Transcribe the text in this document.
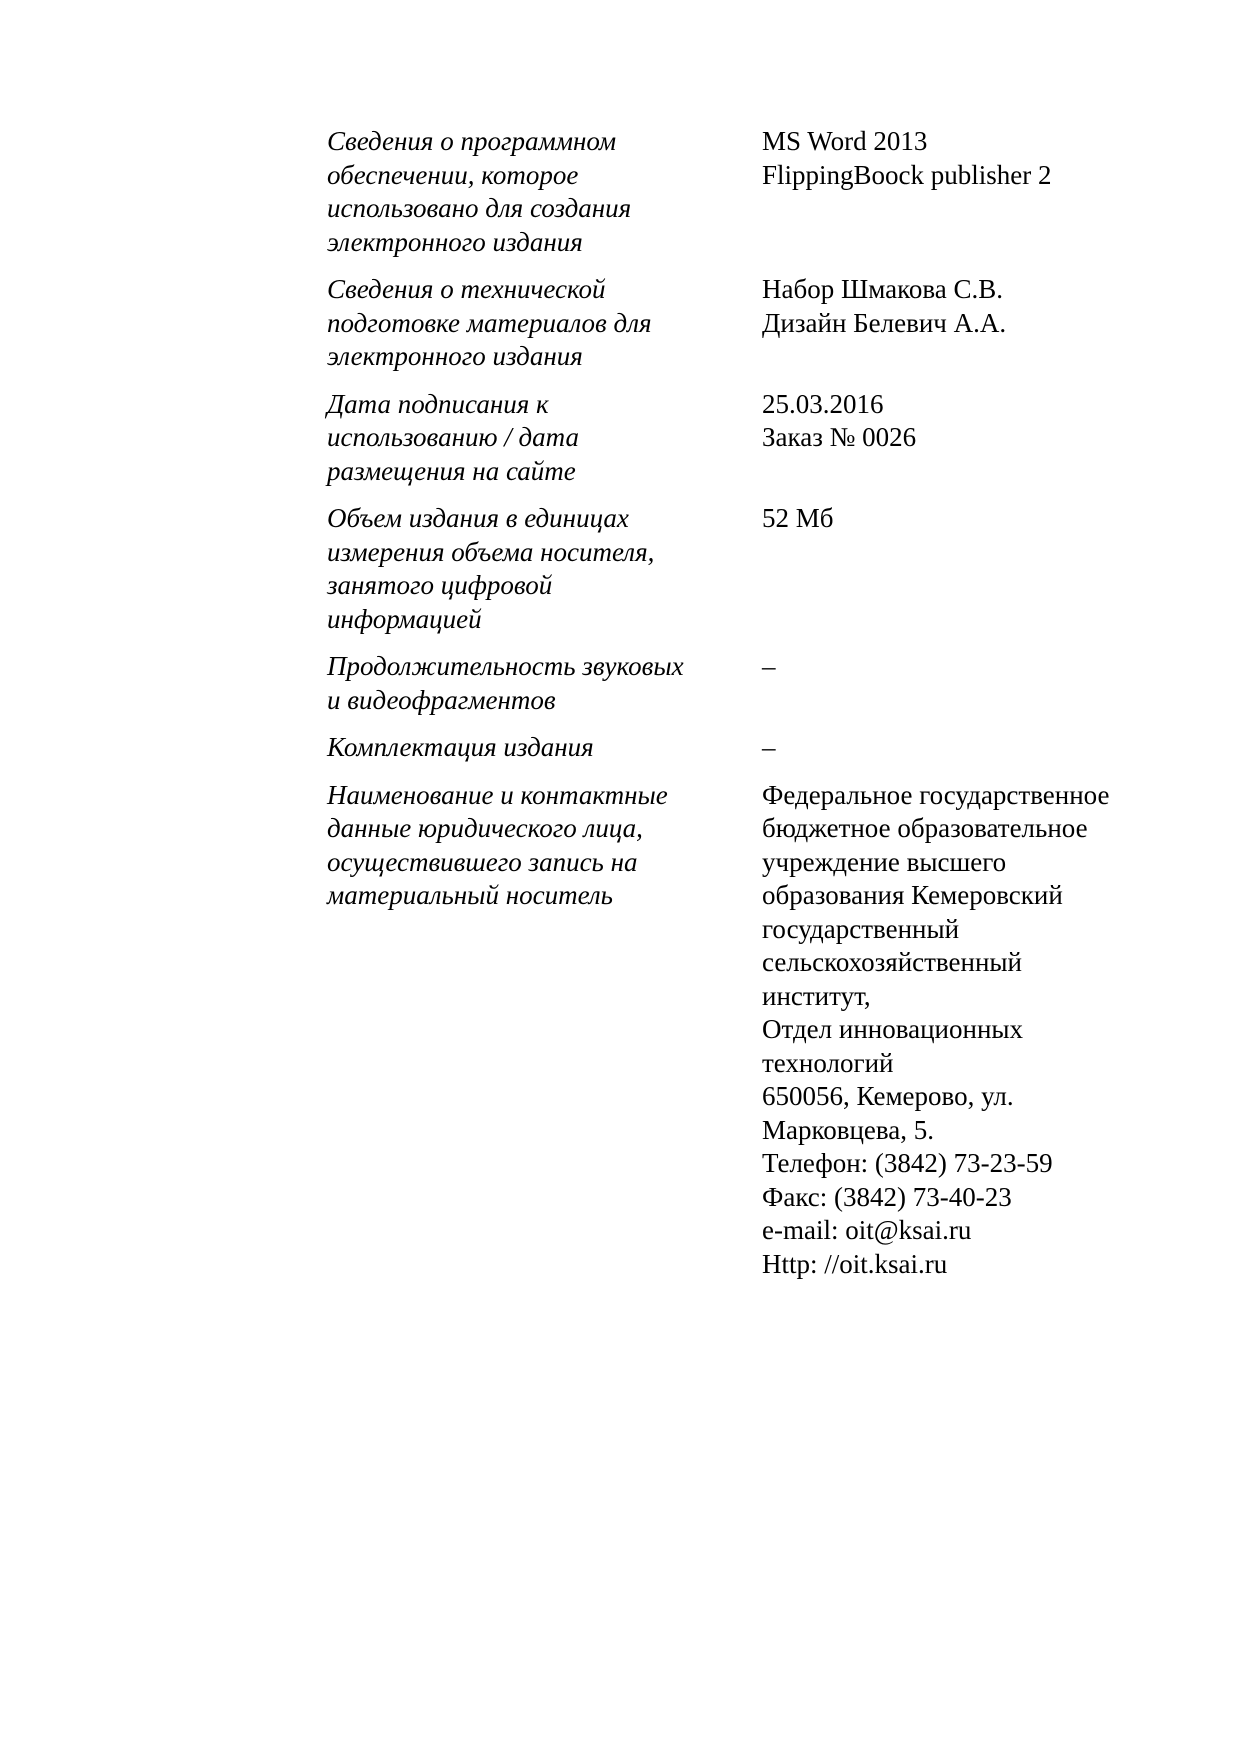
Сведения о программном
обеспечении, которое
использовано для создания
электронного издания
MS Word 2013
FlippingBoock publisher 2
Сведения о технической
подготовке материалов для
электронного издания
Набор Шмакова С.В.
Дизайн Белевич А.А.
Дата подписания к
использованию / дата
размещения на сайте
25.03.2016
Заказ № 0026
Объем издания в единицах
измерения объема носителя,
занятого цифровой
информацией
52 Мб
Продолжительность звуковых
и видеофрагментов
–
Комплектация издания	–
Наименование и контактные
данные юридического лица,
осуществившего запись на
материальный носитель
Федеральное государственное
бюджетное образовательное
учреждение высшего
образования Кемеровский
государственный
сельскохозяйственный
институт,
Отдел инновационных
технологий
650056, Кемерово, ул.
Марковцева, 5.
Телефон: (3842) 73-23-59
Факс: (3842) 73-40-23
e-mail: oit@ksai.ru
Http: //oit.ksai.ru
